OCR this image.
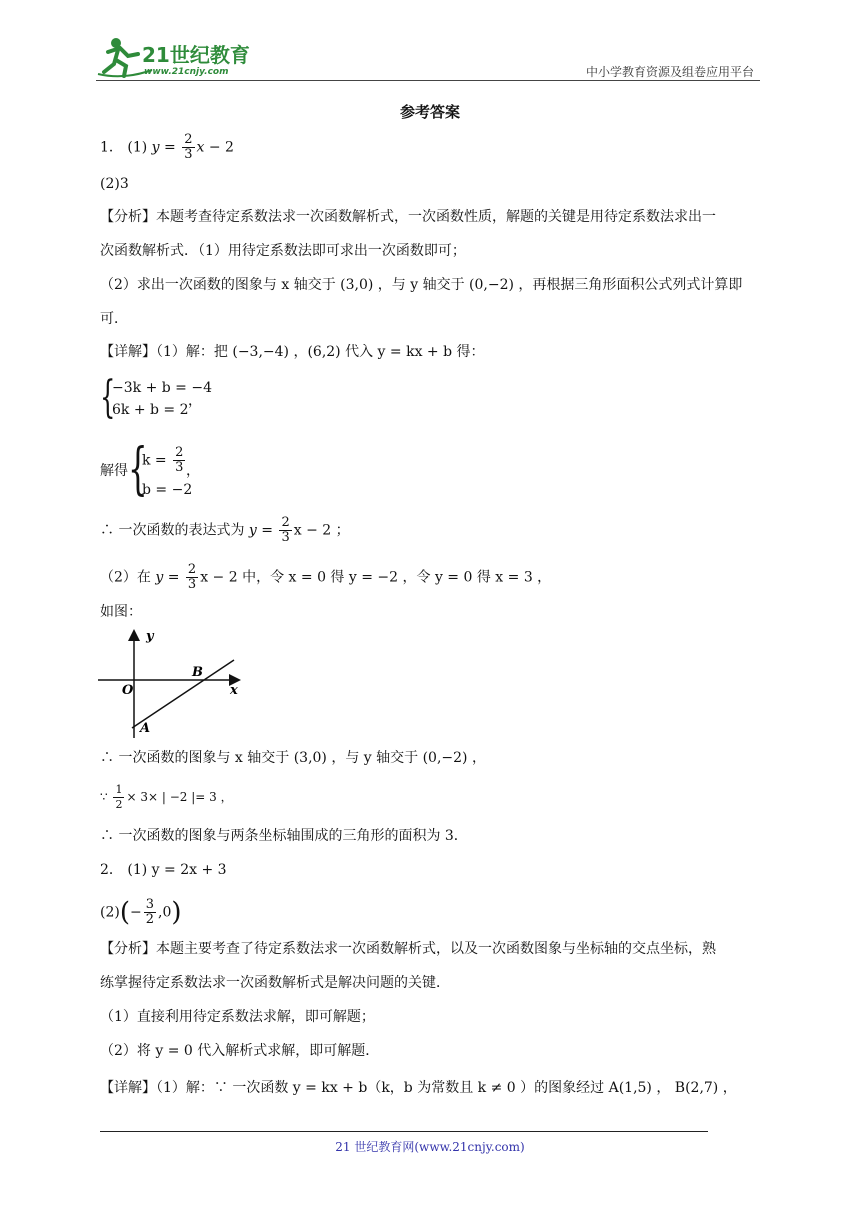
21世纪教育
www.21cnjy.com	中小学教育资源及组卷应用平台
参考答案
1． (1) $y = \frac{2}{3}$ x − 2
(2)3
【分析】本题考查待定系数法求一次函数解析式，一次函数性质，解题的关键是用待定系数法求出一
次函数解析式．（1）用待定系数法即可求出一次函数即可；
（2）求出一次函数的图象与 x 轴交于 (3,0) ，与 y 轴交于 (0,−2) ，再根据三角形面积公式列式计算即
可．
【详解】（1）解：把 (−3,−4) ，(6,2) 代入 y = kx + b 得：
{
−3k + b = −4
6k + b = 2
，
解得 {
$k = \frac{2}{3}$
b = −2
，
∴ 一次函数的表达式为 $y = \frac{2}{3}$ x − 2 ；
（2）在 $y = \frac{2}{3}$ x − 2 中，令 x = 0 得 y = −2 ，令 y = 0 得 x = 3 ，
如图：
y
x
O
A
B
∴ 一次函数的图象与 x 轴交于 (3,0) ，与 y 轴交于 (0,−2) ，
∵ $\frac{1}{2} \times 3\times$ | −2 |= 3 ，
∴ 一次函数的图象与两条坐标轴围成的三角形的面积为 3．
2． (1) y = 2x + 3
$(2)(- \frac{3}{2} ,0)$
【分析】本题主要考查了待定系数法求一次函数解析式，以及一次函数图象与坐标轴的交点坐标，熟
练掌握待定系数法求一次函数解析式是解决问题的关键．
（1）直接利用待定系数法求解，即可解题；
（2）将 y = 0 代入解析式求解，即可解题．
【详解】（1）解：∵ 一次函数 y = kx + b（k，b 为常数且 k ≠ 0 ）的图象经过 A(1,5) ， B(2,7) ，
21 世纪教育网(www.21cnjy.com)
